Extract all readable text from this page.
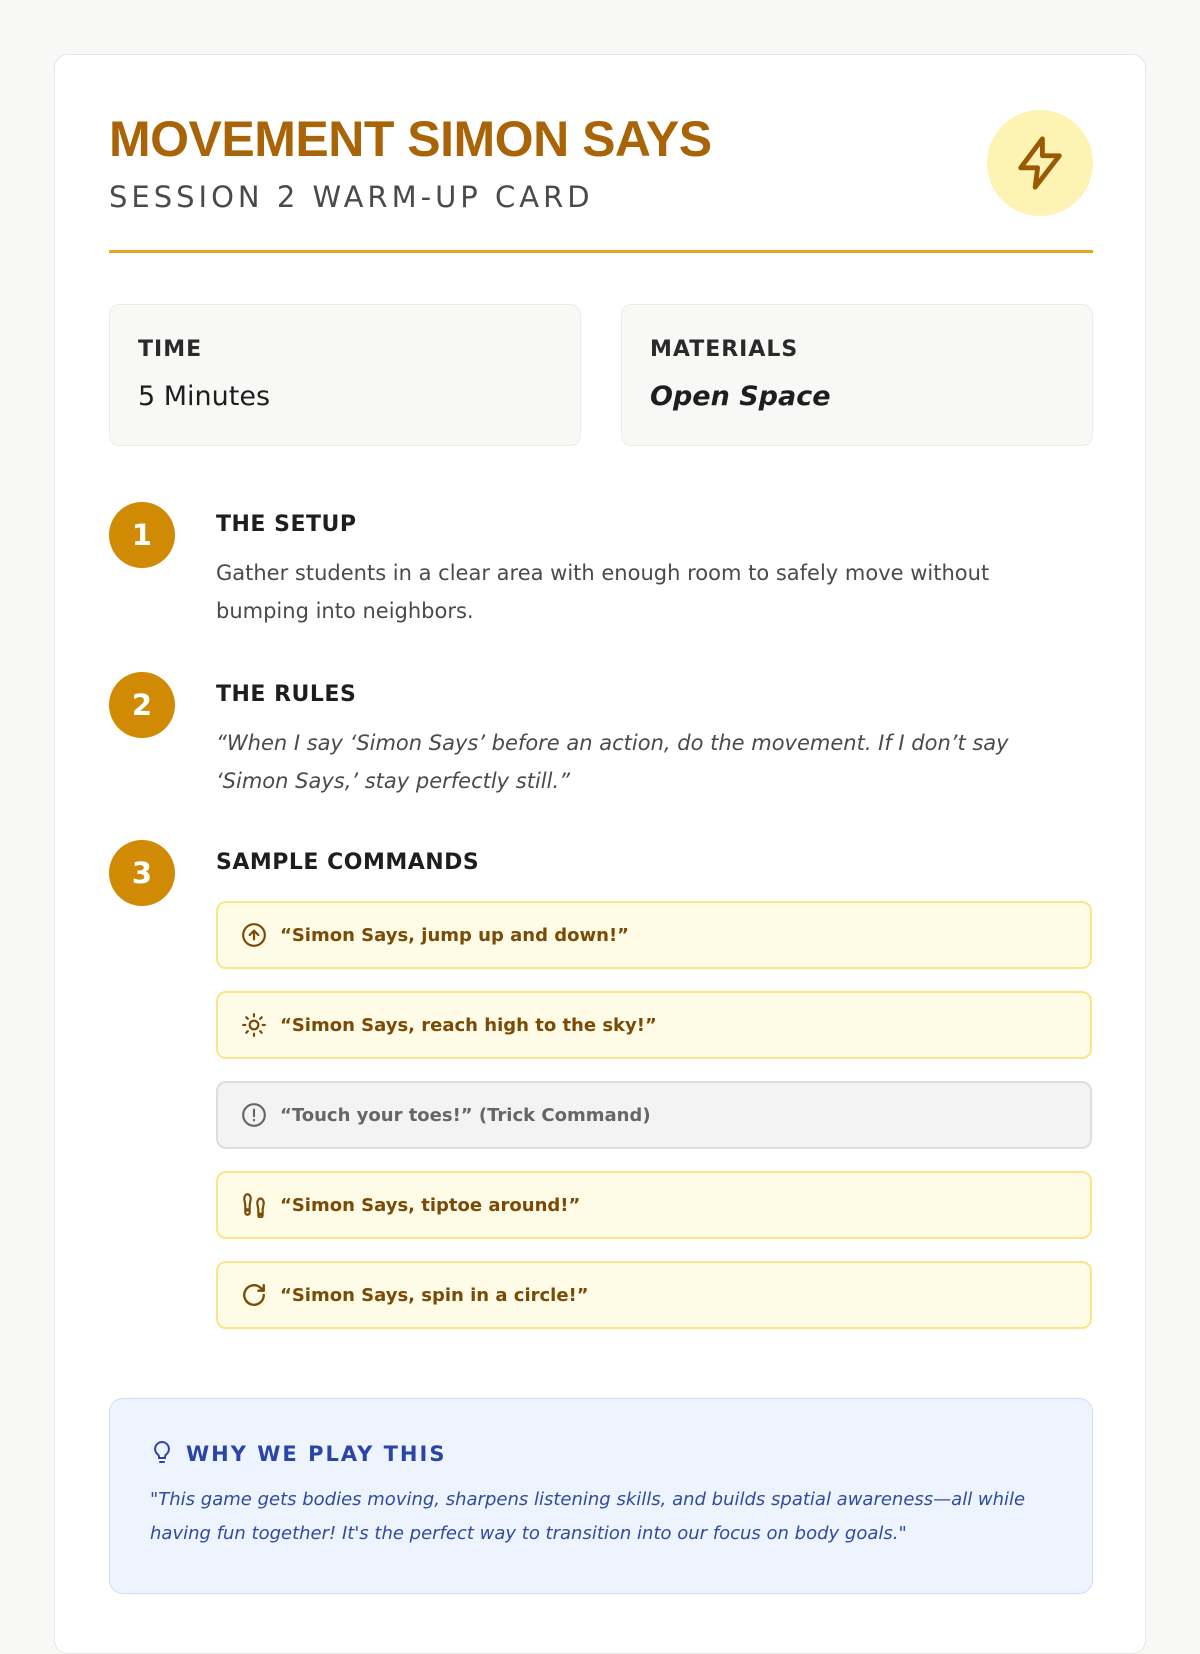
MOVEMENT SIMON SAYS
SESSION 2 WARM-UP CARD
TIME
5 Minutes
MATERIALS
Open Space
1	THE SETUP
Gather students in a clear area with enough room to safely move without bumping into neighbors.
2	THE RULES
“When I say ‘Simon Says’ before an action, do the movement. If I don’t say ‘Simon Says,’ stay perfectly still.”
3	SAMPLE COMMANDS
“Simon Says, jump up and down!”
“Simon Says, reach high to the sky!”
“Touch your toes!” (Trick Command)
“Simon Says, tiptoe around!”
“Simon Says, spin in a circle!”
WHY WE PLAY THIS
"This game gets bodies moving, sharpens listening skills, and builds spatial awareness—all while having fun together! It's the perfect way to transition into our focus on body goals."
